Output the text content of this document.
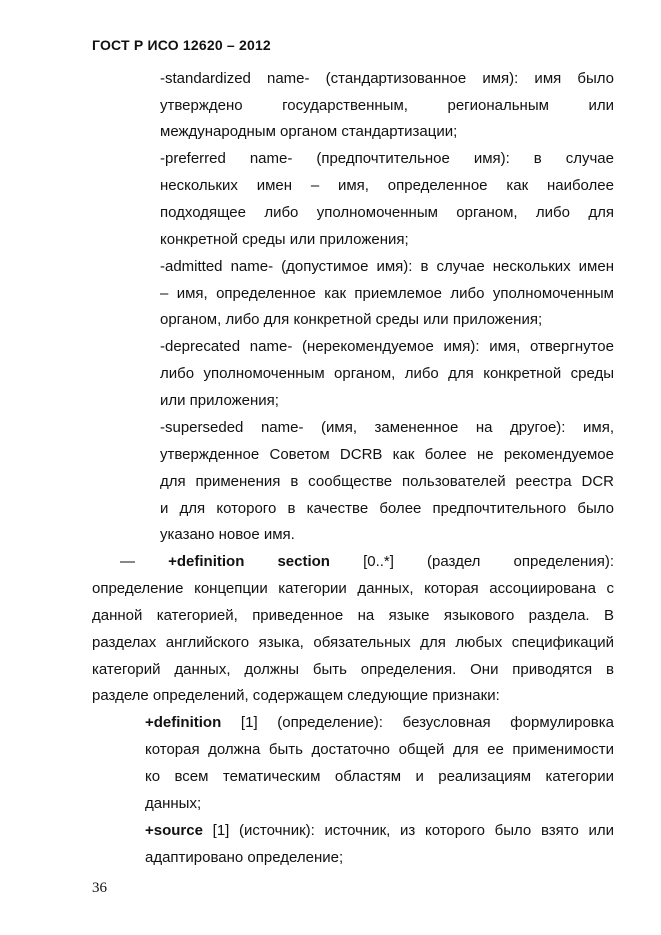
ГОСТ Р ИСО 12620 – 2012
-standardized name- (стандартизованное имя): имя было
утверждено государственным, региональным или
международным органом стандартизации;
-preferred name- (предпочтительное имя): в случае
нескольких имен – имя, определенное как наиболее
подходящее либо уполномоченным органом, либо для
конкретной среды или приложения;
-admitted name- (допустимое имя): в случае нескольких имен
– имя, определенное как приемлемое либо уполномоченным
органом, либо для конкретной среды или приложения;
-deprecated name- (нерекомендуемое имя): имя, отвергнутое
либо уполномоченным органом, либо для конкретной среды
или приложения;
-superseded name- (имя, замененное на другое): имя,
утвержденное Советом DCRB как более не рекомендуемое
для применения в сообществе пользователей реестра DCR
и для которого в качестве более предпочтительного было
указано новое имя.
— +definition section [0..*] (раздел определения):
определение концепции категории данных, которая ассоциирована с
данной категорией, приведенное на языке языкового раздела. В
разделах английского языка, обязательных для любых спецификаций
категорий данных, должны быть определения. Они приводятся в
разделе определений, содержащем следующие признаки:
+definition [1] (определение): безусловная формулировка
которая должна быть достаточно общей для ее применимости
ко всем тематическим областям и реализациям категории
данных;
+source [1] (источник): источник, из которого было взято или
адаптировано определение;
36
